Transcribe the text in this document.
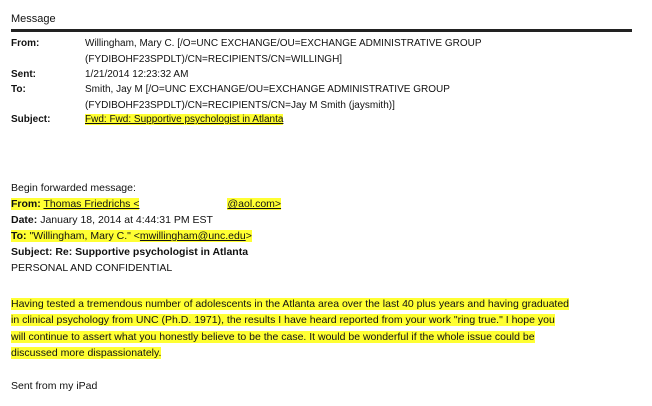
Message
From:	Willingham, Mary C. [/O=UNC EXCHANGE/OU=EXCHANGE ADMINISTRATIVE GROUP
(FYDIBOHF23SPDLT)/CN=RECIPIENTS/CN=WILLINGH]
Sent:	1/21/2014 12:23:32 AM
To:	Smith, Jay M [/O=UNC EXCHANGE/OU=EXCHANGE ADMINISTRATIVE GROUP
(FYDIBOHF23SPDLT)/CN=RECIPIENTS/CN=Jay M Smith (jaysmith)]
Subject:	Fwd: Fwd: Supportive psychologist in Atlanta
Begin forwarded message:
From: Thomas Friedrichs <	@aol.com>
Date: January 18, 2014 at 4:44:31 PM EST
To: "Willingham, Mary C." <mwillingham@unc.edu>
Subject: Re: Supportive psychologist in Atlanta
PERSONAL AND CONFIDENTIAL
Having tested a tremendous number of adolescents in the Atlanta area over the last 40 plus years and having graduated
in clinical psychology from UNC (Ph.D. 1971), the results I have heard reported from your work "ring true." I hope you
will continue to assert what you honestly believe to be the case. It would be wonderful if the whole issue could be
discussed more dispassionately.
Sent from my iPad
